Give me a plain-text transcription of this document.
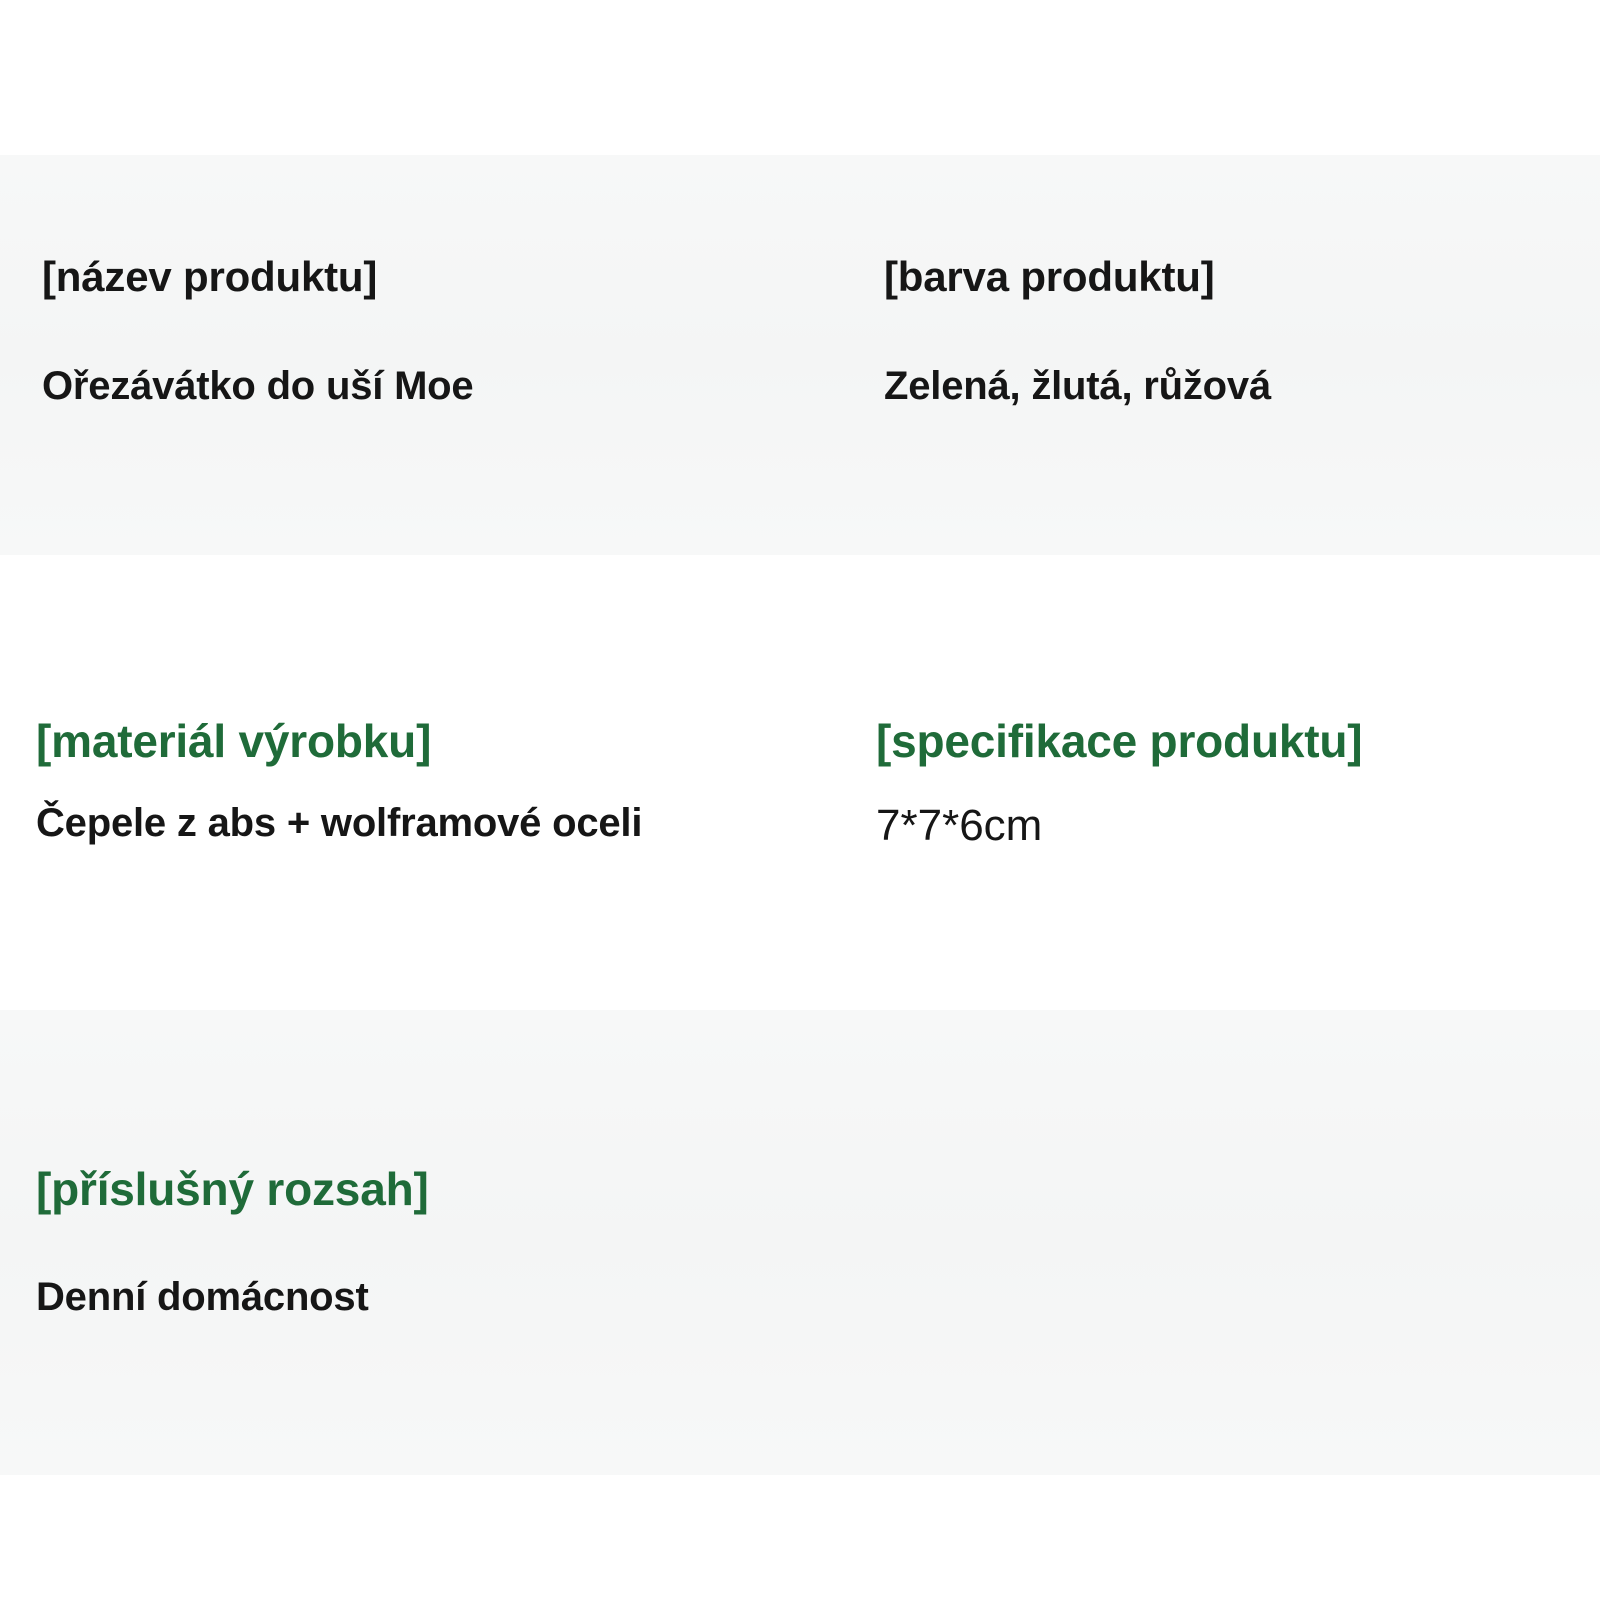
[název produktu]
Ořezávátko do uší Moe
[barva produktu]
Zelená, žlutá, růžová
[materiál výrobku]
Čepele z abs + wolframové oceli
[specifikace produktu]
7*7*6cm
[příslušný rozsah]
Denní domácnost
